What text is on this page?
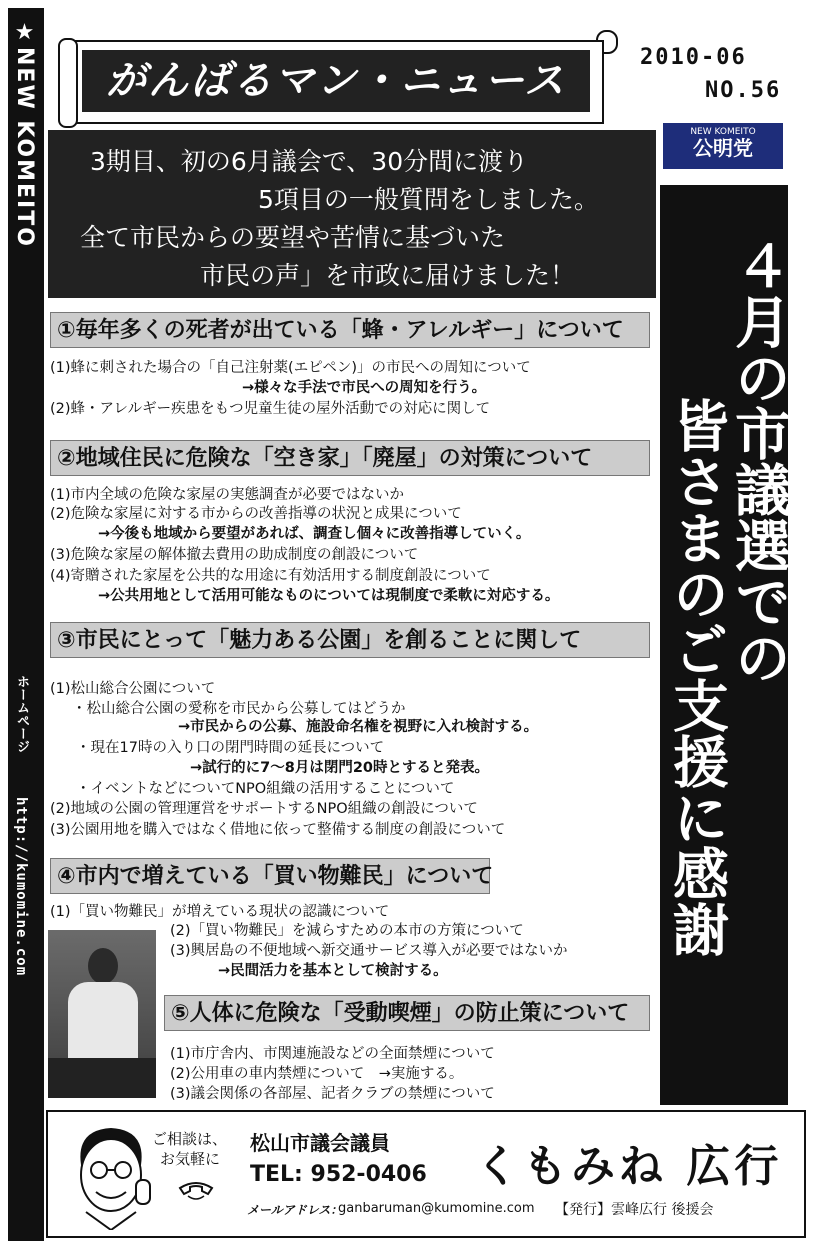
★NEW KOMEITO
ホームページ
http://kumomine.com
がんばるマン・ニュース
2010-06
NO.56
NEW KOMEITO
公明党
3期目、初の6月議会で、30分間に渡り
5項目の一般質問をしました。
全て市民からの要望や苦情に基づいた
市民の声」を市政に届けました！	４月の市議選での
皆さまのご支援に感謝
①毎年多くの死者が出ている「蜂・アレルギー」について
(1)蜂に刺された場合の「自己注射薬(エピペン)」の市民への周知について
→様々な手法で市民への周知を行う。
(2)蜂・アレルギー疾患をもつ児童生徒の屋外活動での対応に関して
②地域住民に危険な「空き家」「廃屋」の対策について
(1)市内全域の危険な家屋の実態調査が必要ではないか
(2)危険な家屋に対する市からの改善指導の状況と成果について
→今後も地域から要望があれば、調査し個々に改善指導していく。
(3)危険な家屋の解体撤去費用の助成制度の創設について
(4)寄贈された家屋を公共的な用途に有効活用する制度創設について
→公共用地として活用可能なものについては現制度で柔軟に対応する。
③市民にとって「魅力ある公園」を創ることに関して
(1)松山総合公園について
・松山総合公園の愛称を市民から公募してはどうか
→市民からの公募、施設命名権を視野に入れ検討する。
・現在17時の入り口の閉門時間の延長について
→試行的に7～8月は閉門20時とすると発表。
・イベントなどについてNPO組織の活用することについて
(2)地域の公園の管理運営をサポートするNPO組織の創設について
(3)公園用地を購入ではなく借地に依って整備する制度の創設について
④市内で増えている「買い物難民」について
(1)「買い物難民」が増えている現状の認識について
(2)「買い物難民」を減らすための本市の方策について
(3)興居島の不便地域へ新交通サービス導入が必要ではないか
→民間活力を基本として検討する。
⑤人体に危険な「受動喫煙」の防止策について
(1)市庁舎内、市関連施設などの全面禁煙について
(2)公用車の車内禁煙について　→実施する。
(3)議会関係の各部屋、記者クラブの禁煙について
ご相談は、
お気軽に
松山市議会議員
TEL: 952-0406 くもみね 広行
メールアドレス：
ganbaruman@kumomine.com 【発行】雲峰広行 後援会
